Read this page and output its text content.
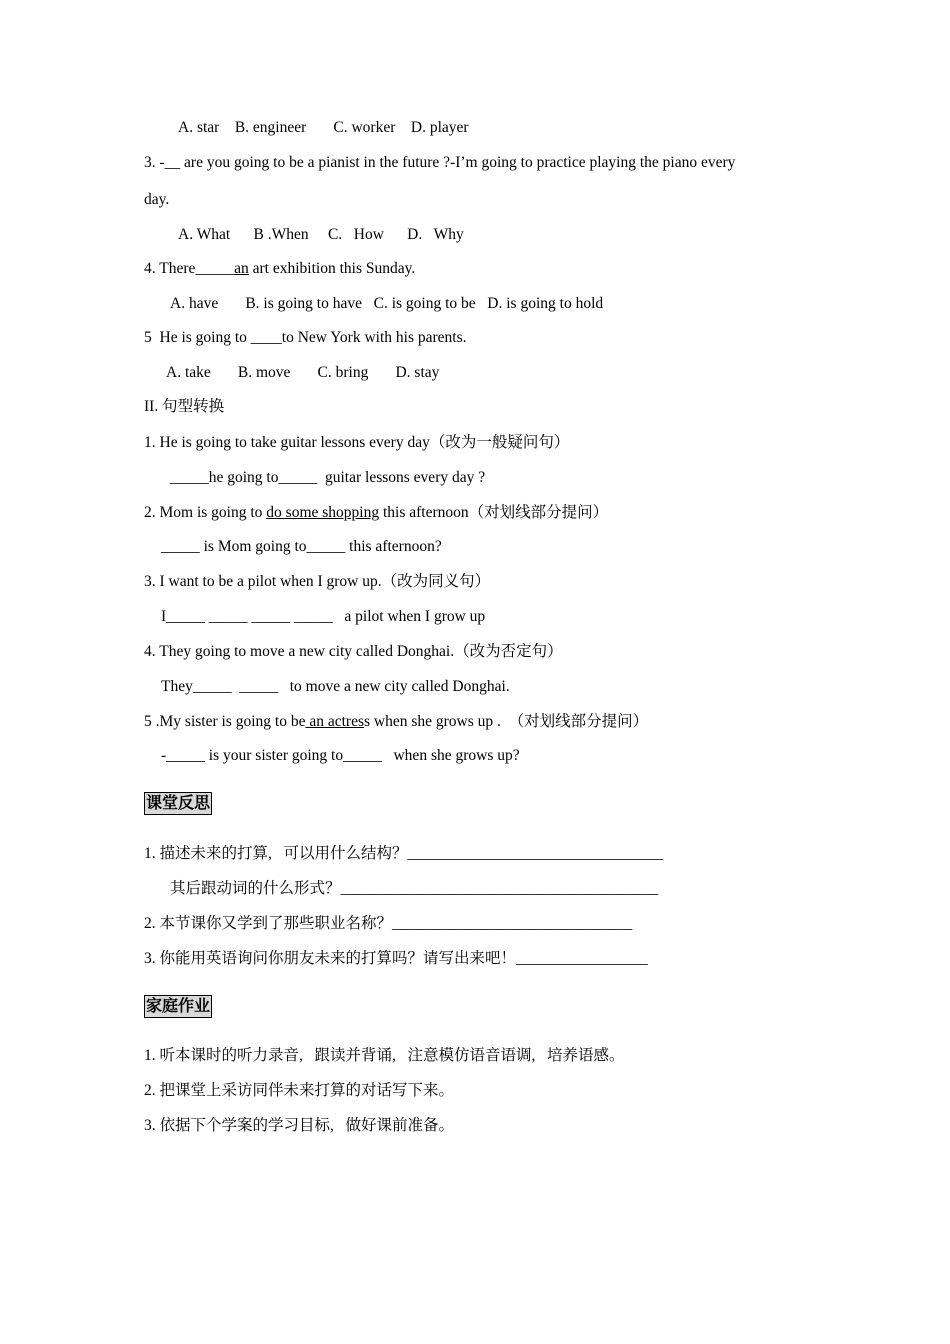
A. star    B. engineer       C. worker    D. player
3. -__ are you going to be a pianist in the future ?-I’m going to practice playing the piano every
day.
A. What      B .When     C.   How      D.   Why
4. There_____an art exhibition this Sunday.
A. have       B. is going to have   C. is going to be   D. is going to hold
5  He is going to ____to New York with his parents.
A. take       B. move       C. bring       D. stay
II. 句型转换
1. He is going to take guitar lessons every day（改为一般疑问句）
_____he going to_____  guitar lessons every day ?
2. Mom is going to do some shopping this afternoon（对划线部分提问）
_____ is Mom going to_____ this afternoon?
3. I want to be a pilot when I grow up.（改为同义句）
I_____ _____ _____ _____   a pilot when I grow up
4. They going to move a new city called Donghai.（改为否定句）
They_____  _____   to move a new city called Donghai.
5 .My sister is going to be an actress when she grows up .  （对划线部分提问）
-_____ is your sister going to_____   when she grows up?
课堂反思
1. 描述未来的打算,   可以用什么结构？_________________________________
其后跟动词的什么形式？_________________________________________
2. 本节课你又学到了那些职业名称？_______________________________
3. 你能用英语询问你朋友未来的打算吗？请写出来吧！_________________
家庭作业
1. 听本课时的听力录音,   跟读并背诵,   注意模仿语音语调,   培养语感。
2. 把课堂上采访同伴未来打算的对话写下来。
3. 依据下个学案的学习目标,   做好课前准备。
